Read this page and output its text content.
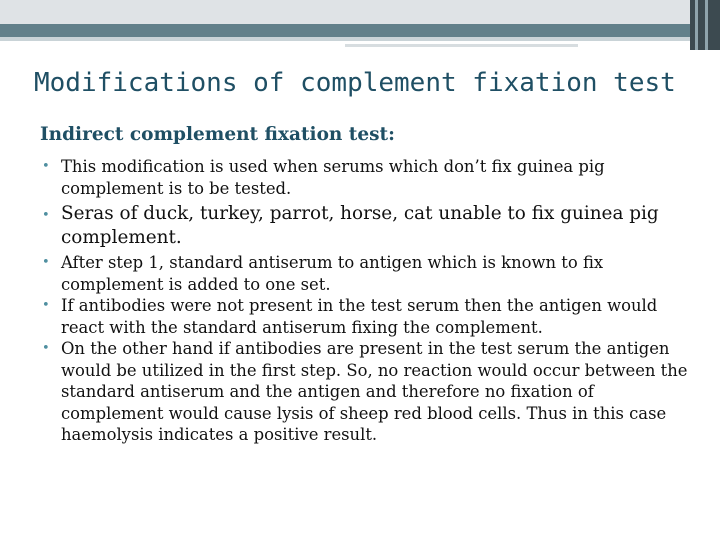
Modifications of complement fixation test
Indirect complement fixation test:
• This modification is used when serums which don’t fix guinea pig complement is to be tested.
• Seras of duck, turkey, parrot, horse, cat unable to fix guinea pig complement.
• After step 1, standard antiserum to antigen which is known to fix complement is added to one set.
• If antibodies were not present in the test serum then the antigen would react with the standard antiserum fixing the complement.
• On the other hand if antibodies are present in the test serum the antigen would be utilized in the first step. So, no reaction would occur between the standard antiserum and the antigen and therefore no fixation of complement would cause lysis of sheep red blood cells. Thus in this case haemolysis indicates a positive result.
